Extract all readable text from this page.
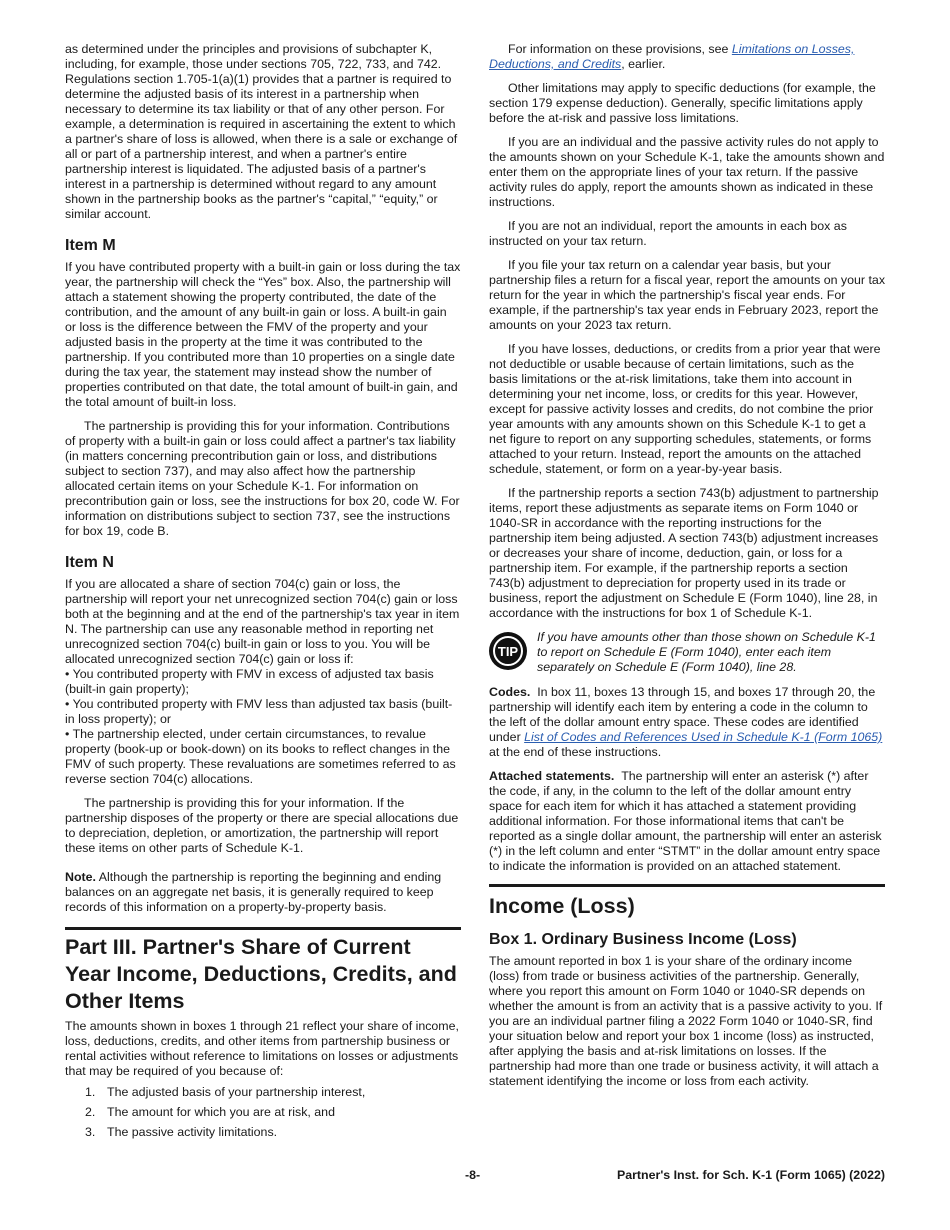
as determined under the principles and provisions of subchapter K, including, for example, those under sections 705, 722, 733, and 742. Regulations section 1.705-1(a)(1) provides that a partner is required to determine the adjusted basis of its interest in a partnership when necessary to determine its tax liability or that of any other person. For example, a determination is required in ascertaining the extent to which a partner's share of loss is allowed, when there is a sale or exchange of all or part of a partnership interest, and when a partner's entire partnership interest is liquidated. The adjusted basis of a partner's interest in a partnership is determined without regard to any amount shown in the partnership books as the partner's “capital,” “equity,” or similar account.

Item M

If you have contributed property with a built-in gain or loss during the tax year, the partnership will check the “Yes” box. Also, the partnership will attach a statement showing the property contributed, the date of the contribution, and the amount of any built-in gain or loss. A built-in gain or loss is the difference between the FMV of the property and your adjusted basis in the property at the time it was contributed to the partnership. If you contributed more than 10 properties on a single date during the tax year, the statement may instead show the number of properties contributed on that date, the total amount of built-in gain, and the total amount of built-in loss.

The partnership is providing this for your information. Contributions of property with a built-in gain or loss could affect a partner's tax liability (in matters concerning precontribution gain or loss, and distributions subject to section 737), and may also affect how the partnership allocated certain items on your Schedule K-1. For information on precontribution gain or loss, see the instructions for box 20, code W. For information on distributions subject to section 737, see the instructions for box 19, code B.

Item N

If you are allocated a share of section 704(c) gain or loss, the partnership will report your net unrecognized section 704(c) gain or loss both at the beginning and at the end of the partnership's tax year in item N. The partnership can use any reasonable method in reporting net unrecognized section 704(c) built-in gain or loss to you. You will be allocated unrecognized section 704(c) gain or loss if:

• You contributed property with FMV in excess of adjusted tax basis (built-in gain property);

• You contributed property with FMV less than adjusted tax basis (built-in loss property); or

• The partnership elected, under certain circumstances, to revalue property (book-up or book-down) on its books to reflect changes in the FMV of such property. These revaluations are sometimes referred to as reverse section 704(c) allocations.

The partnership is providing this for your information. If the partnership disposes of the property or there are special allocations due to depreciation, depletion, or amortization, the partnership will report these items on other parts of Schedule K-1.

Note. Although the partnership is reporting the beginning and ending balances on an aggregate net basis, it is generally required to keep records of this information on a property-by-property basis.

Part III. Partner's Share of Current Year Income, Deductions, Credits, and Other Items

The amounts shown in boxes 1 through 21 reflect your share of income, loss, deductions, credits, and other items from partnership business or rental activities without reference to limitations on losses or adjustments that may be required of you because of:

1. The adjusted basis of your partnership interest,
2. The amount for which you are at risk, and
3. The passive activity limitations.

For information on these provisions, see Limitations on Losses, Deductions, and Credits, earlier.

Other limitations may apply to specific deductions (for example, the section 179 expense deduction). Generally, specific limitations apply before the at-risk and passive loss limitations.

If you are an individual and the passive activity rules do not apply to the amounts shown on your Schedule K-1, take the amounts shown and enter them on the appropriate lines of your tax return. If the passive activity rules do apply, report the amounts shown as indicated in these instructions.

If you are not an individual, report the amounts in each box as instructed on your tax return.

If you file your tax return on a calendar year basis, but your partnership files a return for a fiscal year, report the amounts on your tax return for the year in which the partnership's fiscal year ends. For example, if the partnership's tax year ends in February 2023, report the amounts on your 2023 tax return.

If you have losses, deductions, or credits from a prior year that were not deductible or usable because of certain limitations, such as the basis limitations or the at-risk limitations, take them into account in determining your net income, loss, or credits for this year. However, except for passive activity losses and credits, do not combine the prior year amounts with any amounts shown on this Schedule K-1 to get a net figure to report on any supporting schedules, statements, or forms attached to your return. Instead, report the amounts on the attached schedule, statement, or form on a year-by-year basis.

If the partnership reports a section 743(b) adjustment to partnership items, report these adjustments as separate items on Form 1040 or 1040-SR in accordance with the reporting instructions for the partnership item being adjusted. A section 743(b) adjustment increases or decreases your share of income, deduction, gain, or loss for a partnership item. For example, if the partnership reports a section 743(b) adjustment to depreciation for property used in its trade or business, report the adjustment on Schedule E (Form 1040), line 28, in accordance with the instructions for box 1 of Schedule K-1.

TIP
If you have amounts other than those shown on Schedule K-1 to report on Schedule E (Form 1040), enter each item separately on Schedule E (Form 1040), line 28.

Codes. In box 11, boxes 13 through 15, and boxes 17 through 20, the partnership will identify each item by entering a code in the column to the left of the dollar amount entry space. These codes are identified under List of Codes and References Used in Schedule K-1 (Form 1065) at the end of these instructions.

Attached statements. The partnership will enter an asterisk (*) after the code, if any, in the column to the left of the dollar amount entry space for each item for which it has attached a statement providing additional information. For those informational items that can't be reported as a single dollar amount, the partnership will enter an asterisk (*) in the left column and enter “STMT” in the dollar amount entry space to indicate the information is provided on an attached statement.

Income (Loss)
Box 1. Ordinary Business Income (Loss)

The amount reported in box 1 is your share of the ordinary income (loss) from trade or business activities of the partnership. Generally, where you report this amount on Form 1040 or 1040-SR depends on whether the amount is from an activity that is a passive activity to you. If you are an individual partner filing a 2022 Form 1040 or 1040-SR, find your situation below and report your box 1 income (loss) as instructed, after applying the basis and at-risk limitations on losses. If the partnership had more than one trade or business activity, it will attach a statement identifying the income or loss from each activity.

-8-	Partner's Inst. for Sch. K-1 (Form 1065) (2022)
